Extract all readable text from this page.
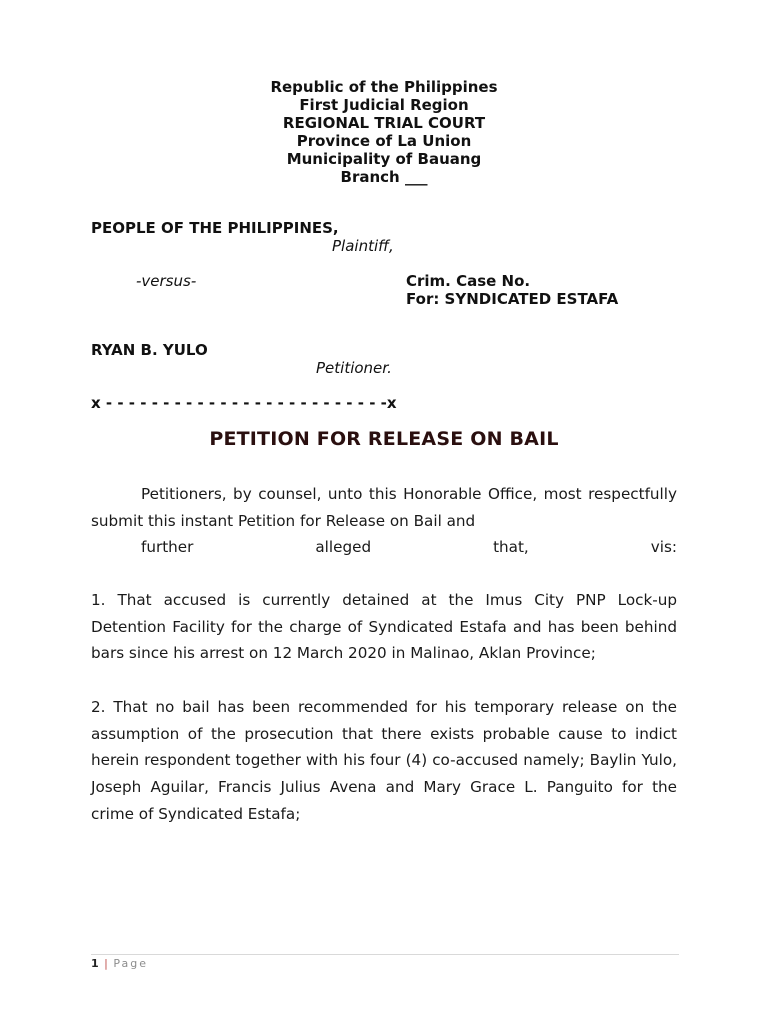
Republic of the Philippines
First Judicial Region
REGIONAL TRIAL COURT
Province of La Union
Municipality of Bauang
Branch ___
PEOPLE OF THE PHILIPPINES,
Plaintiff,
-versus-	Crim. Case No.
For: SYNDICATED ESTAFA
RYAN B. YULO
Petitioner.
x - - - - - - - - - - - - - - - - - - - - - - - - -x
PETITION FOR RELEASE ON BAIL
Petitioners, by counsel, unto this Honorable Office, most respectfully submit this instant Petition for Release on Bail and
further alleged that, vis:
1. That accused is currently detained at the Imus City PNP Lock-up Detention Facility for the charge of Syndicated Estafa and has been behind bars since his arrest on 12 March 2020 in Malinao, Aklan Province;
2. That no bail has been recommended for his temporary release on the assumption of the prosecution that there exists probable cause to indict herein respondent together with his four (4) co-accused namely; Baylin Yulo, Joseph Aguilar, Francis Julius Avena and Mary Grace L. Panguito for the crime of Syndicated Estafa;
1 | Page
